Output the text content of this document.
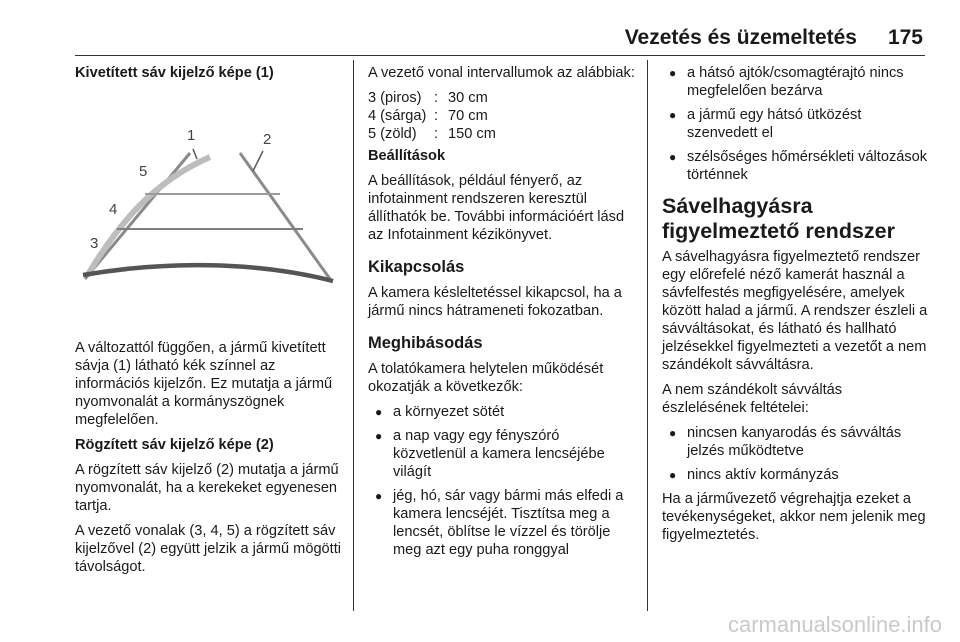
Vezetés és üzemeltetés 175

Kivetített sáv kijelző képe (1)

1	2
3
4
5

A változattól függően, a jármű kivetített sávja (1) látható kék színnel az információs kijelzőn. Ez mutatja a jármű nyomvonalát a kormányszögnek megfelelően.

Rögzített sáv kijelző képe (2)

A rögzített sáv kijelző (2) mutatja a jármű nyomvonalát, ha a kerekeket egyenesen tartja.

A vezető vonalak (3, 4, 5) a rögzített sáv kijelzővel (2) együtt jelzik a jármű mögötti távolságot.

A vezető vonal intervallumok az alábbiak:

3 (piros) : 30 cm
4 (sárga) : 70 cm
5 (zöld)	: 150 cm

Beállítások

A beállítások, például fényerő, az infotainment rendszeren keresztül állíthatók be. További információért lásd az Infotainment kézikönyvet.

Kikapcsolás

A kamera késleltetéssel kikapcsol, ha a jármű nincs hátrameneti fokozatban.

Meghibásodás

A tolatókamera helytelen működését okozatják a következők:

● a környezet sötét
● a nap vagy egy fényszóró közvetlenül a kamera lencséjébe világít
● jég, hó, sár vagy bármi más elfedi a kamera lencséjét. Tisztítsa meg a lencsét, öblítse le vízzel és törölje meg azt egy puha ronggyal
● a hátsó ajtók/csomagtérajtó nincs megfelelően bezárva
● a jármű egy hátsó ütközést szenvedett el
● szélsőséges hőmérsékleti változások történnek
Sávelhagyásra figyelmeztető rendszer

A sávelhagyásra figyelmeztető rendszer egy előrefelé néző kamerát használ a sávfelfestés megfigyelésére, amelyek között halad a jármű. A rendszer észleli a sávváltásokat, és látható és hallható jelzésekkel figyelmezteti a vezetőt a nem szándékolt sávváltásra.

A nem szándékolt sávváltás észlelésének feltételei:

● nincsen kanyarodás és sávváltás jelzés működtetve
● nincs aktív kormányzás

Ha a járművezető végrehajtja ezeket a tevékenységeket, akkor nem jelenik meg figyelmeztetés.

carmanualsonline.info
